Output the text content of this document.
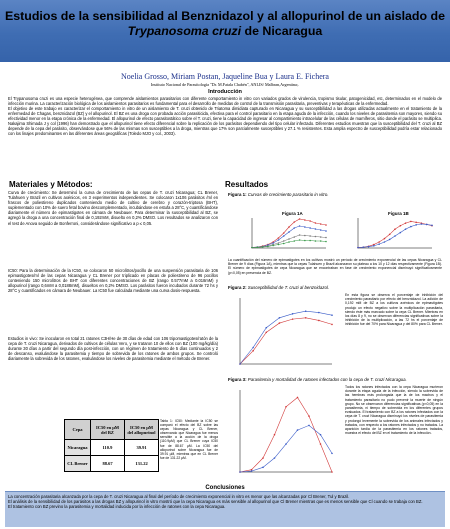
Estudios de la sensibilidad al Benznidazol y al allopurinol de un aislado de
Trypanosoma cruzi de Nicaragua
Noelia Grosso, Miriam Postan, Jaqueline Bua y Laura E. Fichera
Instituto Nacional de Parasitología "Dr. M.Fatala Chabén", ANLIS/ Malbran,Argentina;.
Introducción

El Trypanosoma cruzi es una especie heterogénea, que comprende aislamientos parasitarios con diferente comportamiento in vitro con variados grados de virulencia, tropismo tisular, patogenicidad, etc, determinados en el modelo de infección murina. La caracterización biológica de los aislamientos parasitarios es fundamental para el desarrollo de medidas de control de la transmisión parasitaria, preventivas y terapéuticas de la enfermedad.

El objetivo de este trabajo es caracterizar el comportamiento in vitro de un aislamiento de T. cruzi obtenido de Triatoma dimidiata capturado en Nicaragua y su susceptibilidad a las drogas utilizadas actualmente en el tratamiento de la enfermedad de Chagas, benznidazol (BZ) y el allopurinol. El BZ es una droga con probada acción parasiticida, efectiva para el control parasitario en la etapa aguda de la infección, cuando los niveles de parasitemia son mayores, siendo su efectividad menor en la etapa crónica de la enfermedad. El allopurinol de efecto parasitostático sobre el T. cruzi, tiene la capacidad de ingresar al compartimiento intracelular de las células de mamíferos, sitio donde el parásito se multiplica. Nakajima Shimada J y col (1996) han demostrado que el allopurinol tiene efecto diferencial sobre la replicación de los parásitos dependiendo del tipo celular infectado. Diferentes estudios muestran que la susceptibilidad del T. cruzi al BZ depende de la cepa del parásito, observándose que 56% de las mismas son susceptibles a la droga, mientras que 17% son parcialmente susceptibles y 27.1 % resistentes. Esta amplia espectro de susceptibilidad podría estar relacionado con los linajes predominantes en las diferentes áreas geográficas (Toledo MJO y col., 2003).

Materiales y Métodos:	Resultados
Curva de crecimiento: Se determinó la curva de crecimiento de las cepas de T. cruzi Nicaragua; CL Brener, Tulahuen y Brazil en cultivos axénicos, en 3 experimentos independientes. Se colocaron 1x106 parásitos /ml en frascos de poliestireno duplicados conteniendo medio de cultivo de cerebro y corazón-triptosa (BHT), suplementado con 10% de suero fetal bovino descomplementado, incubándose en estufa a 28°C, y cuantificándose diariamente el número de epimastigotes en cámara de Neubauer. Para determinar la susceptibilidad al BZ, se agregó la droga a una concentración final de 0,192mM, disuelto en 0,2% DMSO. Los resultados se analizaron con el test de Anova seguido de Bonferroni, considerándose significativo a p ≤ 0,05.
IC50: Para la determinación de la IC50, se colocaron 50 microlitros/pocillo de una suspensión parasitaria de 106 epimastigotes/ml de las cepas Nicaragua y CL Brener por triplicado en placas de poliestireno de 96 pocillos conteniendo 150 microlitros de BHT con diferentes concentraciones de BZ (rango 0.577mM a 0.018mM) y allopurinol (rango 0,6mM a 0,0188mM), disueltos en 0,2% DMSO. Los parásitos fueron incubados durante 72 hs y 28°C y cuantificados en cámara de Neubauer. La IC50 fue calculada mediante una curva dosis-respuesta.
Estudios in vivo: Se inocularon en total 21 ratones C3H/He de 30 días de edad con 106 tripomastigotes/ratón de la cepa de T. cruzi Nicaragua, derivados de cultivos de células Vero, y se trataron 10 de ellos con BZ (100 mg/kg/día) durante 30 días a partir del segundo día post-infección, con un régimen de tratamiento de 5 días continuados y 2 de descanso, evaluándose la parasitemia y tiempo de sobrevida de los ratones de ambos grupos. Se controló diariamente la sobrevida de los ratones, evaluándose los niveles de parasitemia mediante el método de Brener.
Cepa	IC50 en µM del BZ	IC50 en µM del allopurinol
Nicaragua	110.9	39.91
CL Brener	88.67	131.22
Tabla 1: IC50: Mediante la IC50 se comparó el efecto del BZ sobre las cepas Nicaragua y CL Brener, observando que Nicaragua fue menos sensible a la acción de la droga (110.9µM) que CL Brener cuya IC50 fue de 88.67 µM. La IC50 del allopurinol sobre Nicaragua fue de 39.91 µM, mientras que en CL Brener fue de 131.22 µM.
Figura 1: Curvas de crecimiento parasitario in vitro.
Figura 1A	Figura 1B
La cuantificación del número de epimastigotes en los cultivos mostró un período de crecimiento exponencial de las cepas Nicaragua y CL Brener de 9 días (Figura 1A), mientras que la cepas Tulahuen y Brazil alcanzaron su plateau a los 10 y 12 días respectivamente (Figura 1B). El número de epimastigotes de cepa Nicaragua que se encontraban en fase de crecimiento exponencial disminuyó significativamente (p<0,05) en presencia de BZ.
Figura 2: Susceptibilidad de T. cruzi al benznidazol.
En esta figura se observa el porcentaje de inhibición del crecimiento parasitario por efecto del benznidazol. La adición de 0,192 mM de BZ a los cultivos axénicos de epimastigotes produjo un efecto negativo sobre la multiplicación parasitaria, siendo éste más marcado sobre la cepa CL Brener. Mientras en los días 8 y 9, no se observan diferencias significativas sobre la inhibición de la multiplicación, a las 72 hs el porcentaje de inhibición fue del 70% para Nicaragua y del 80% para CL Brener.
Figura 3: Parasitemia y mortalidad de ratones infectados con la cepa de T. cruzi Nicaragua.
Todos los ratones infectados con la cepa Nicaragua murieron durante la etapa aguda de la infección, siendo la sobrevida de las hembras más prolongada que la de los machos y el tratamiento parasitario no pudo prevenir la muerte de ningún grupo. No se observaron diferencias significativas (p<0,05) en la parasitemia, ni tiempo de sobrevida en los diferentes grupos evaluados. El tratamiento con BZ a los ratones infectados con la cepa de T. cruzi Nicaragua disminuyó los niveles de parasitemia y prolongó levemente la sobrevida de los animales infectados y tratados, con respecto a los ratones infectados y no tratados. La aparición tardía de la parasitemia en los ratones tratados, muestra el efecto del BZ en el tratamiento de la infección.
Conclusiones

La concentración parasitaria alcanzada por la cepa de T. cruzi Nicaragua al final del período de crecimiento exponencial in vitro es menor que las alcanzadas por Cl Brener, Tul y Brazil.

El análisis de la sensibilidad de los parásitos a las drogas BZ y allopurinol in vitro mostró que la cepa Nicaragua es más sensible al allopurinol que Cl Brener mientras que es menos sensible que Cl cuando se trabaja con BZ.

El tratamiento con BZ previno la parasitemia y mortalidad inducida por la infección de ratones con la cepa Nicaragua.
